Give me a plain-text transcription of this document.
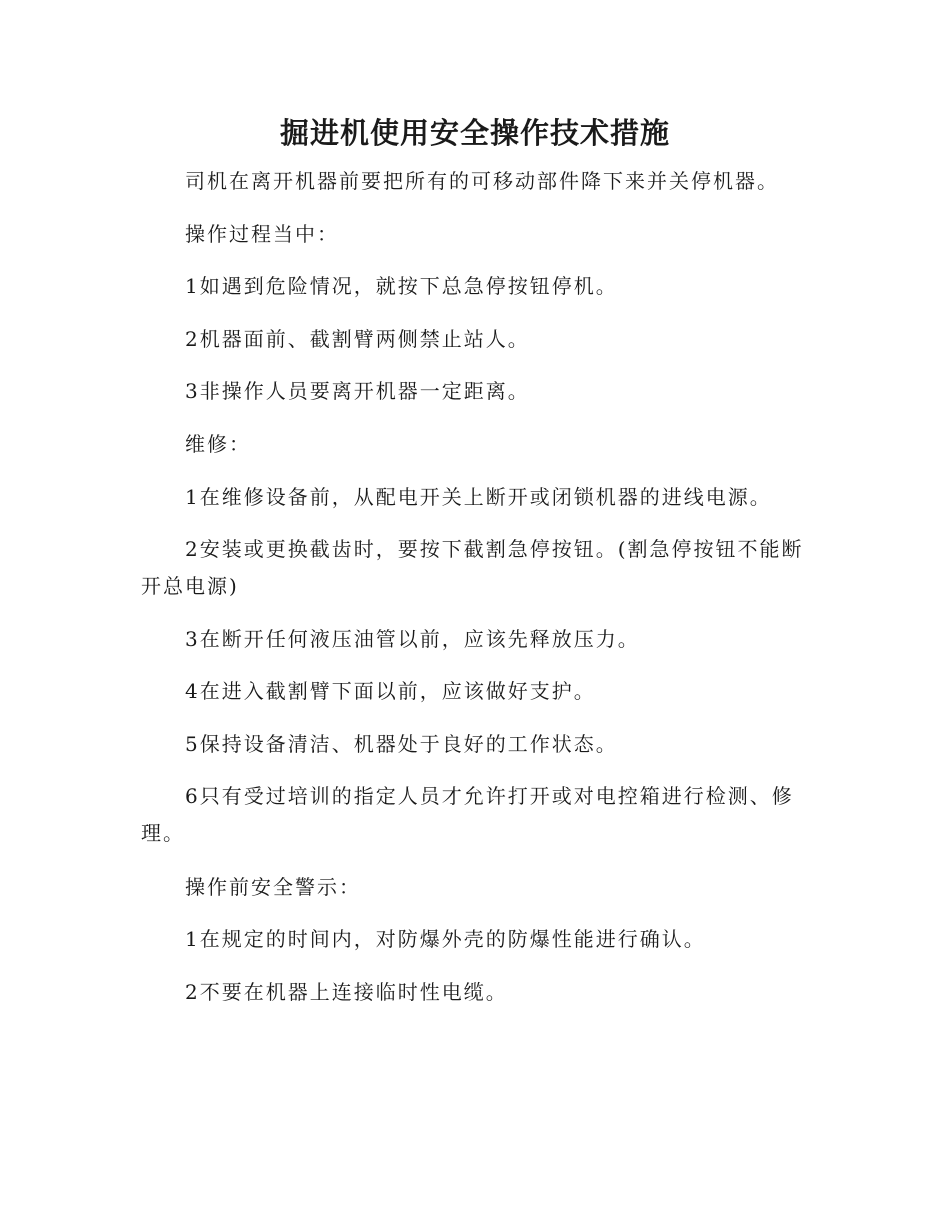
掘进机使用安全操作技术措施

司机在离开机器前要把所有的可移动部件降下来并关停机器。

操作过程当中：

1如遇到危险情况，就按下总急停按钮停机。

2机器面前、截割臂两侧禁止站人。

3非操作人员要离开机器一定距离。

维修：

1在维修设备前，从配电开关上断开或闭锁机器的进线电源。

2安装或更换截齿时，要按下截割急停按钮。(割急停按钮不能断开总电源)

3在断开任何液压油管以前，应该先释放压力。

4在进入截割臂下面以前，应该做好支护。

5保持设备清洁、机器处于良好的工作状态。

6只有受过培训的指定人员才允许打开或对电控箱进行检测、修理。

操作前安全警示：

1在规定的时间内，对防爆外壳的防爆性能进行确认。

2不要在机器上连接临时性电缆。
